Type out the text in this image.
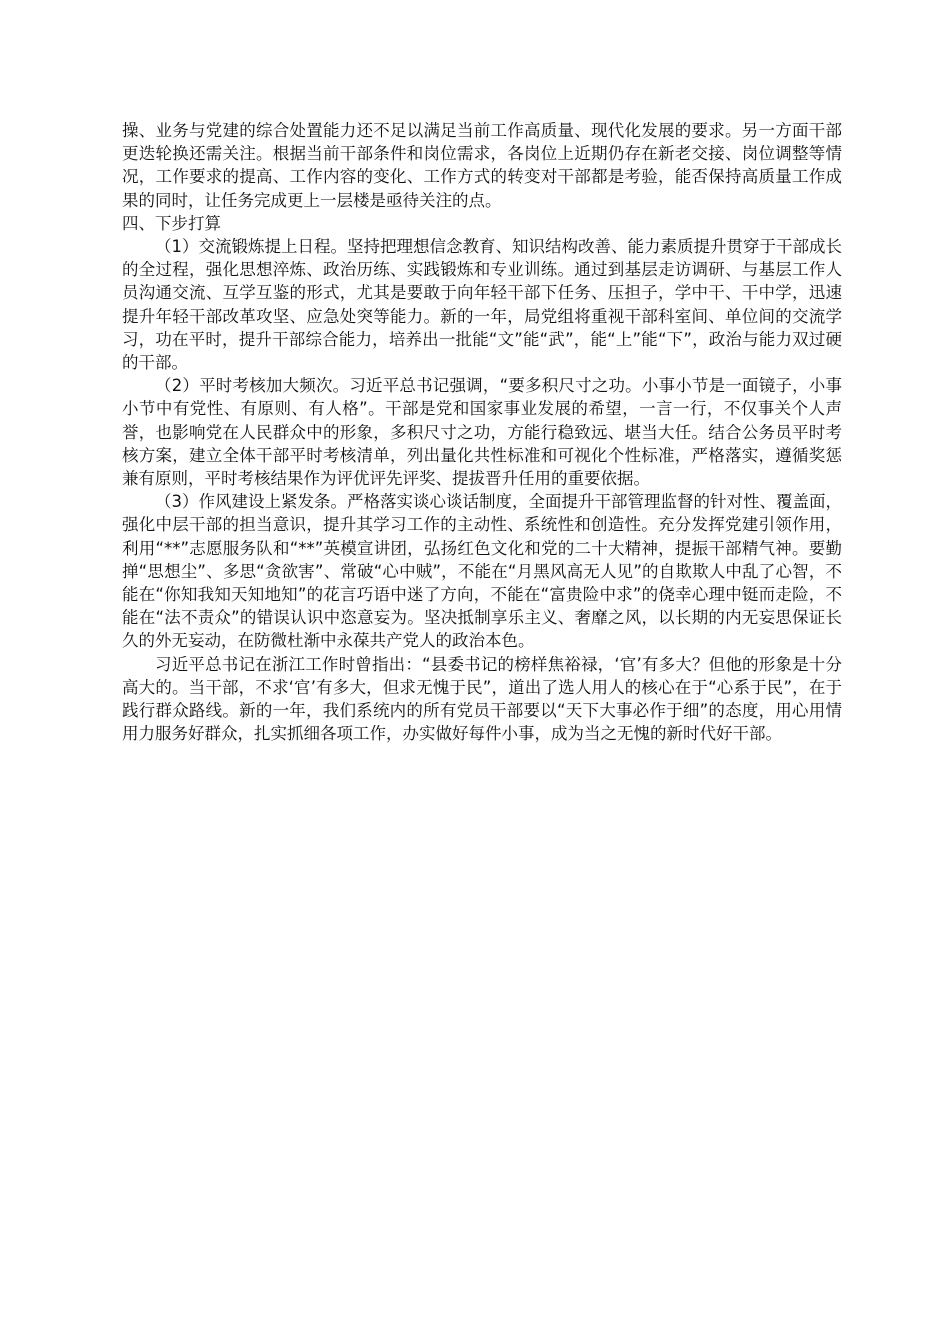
操、业务与党建的综合处置能力还不足以满足当前工作高质量、现代化发展的要求。另一方面干部更迭轮换还需关注。根据当前干部条件和岗位需求，各岗位上近期仍存在新老交接、岗位调整等情况，工作要求的提高、工作内容的变化、工作方式的转变对干部都是考验，能否保持高质量工作成果的同时，让任务完成更上一层楼是亟待关注的点。

四、下步打算

（1）交流锻炼提上日程。坚持把理想信念教育、知识结构改善、能力素质提升贯穿于干部成长的全过程，强化思想淬炼、政治历练、实践锻炼和专业训练。通过到基层走访调研、与基层工作人员沟通交流、互学互鉴的形式，尤其是要敢于向年轻干部下任务、压担子，学中干、干中学，迅速提升年轻干部改革攻坚、应急处突等能力。新的一年，局党组将重视干部科室间、单位间的交流学习，功在平时，提升干部综合能力，培养出一批能“文”能“武”，能“上”能“下”，政治与能力双过硬的干部。

（2）平时考核加大频次。习近平总书记强调，“要多积尺寸之功。小事小节是一面镜子，小事小节中有党性、有原则、有人格”。干部是党和国家事业发展的希望，一言一行，不仅事关个人声誉，也影响党在人民群众中的形象，多积尺寸之功，方能行稳致远、堪当大任。结合公务员平时考核方案，建立全体干部平时考核清单，列出量化共性标准和可视化个性标准，严格落实，遵循奖惩兼有原则，平时考核结果作为评优评先评奖、提拔晋升任用的重要依据。

（3）作风建设上紧发条。严格落实谈心谈话制度，全面提升干部管理监督的针对性、覆盖面，强化中层干部的担当意识，提升其学习工作的主动性、系统性和创造性。充分发挥党建引领作用，利用“**”志愿服务队和“**”英模宣讲团，弘扬红色文化和党的二十大精神，提振干部精气神。要勤掸“思想尘”、多思“贪欲害”、常破“心中贼”，不能在“月黑风高无人见”的自欺欺人中乱了心智，不能在“你知我知天知地知”的花言巧语中迷了方向，不能在“富贵险中求”的侥幸心理中铤而走险，不能在“法不责众”的错误认识中恣意妄为。坚决抵制享乐主义、奢靡之风，以长期的内无妄思保证长久的外无妄动，在防微杜渐中永葆共产党人的政治本色。

习近平总书记在浙江工作时曾指出：“县委书记的榜样焦裕禄，‘官’有多大？但他的形象是十分高大的。当干部，不求‘官’有多大，但求无愧于民”，道出了选人用人的核心在于“心系于民”，在于践行群众路线。新的一年，我们系统内的所有党员干部要以“天下大事必作于细”的态度，用心用情用力服务好群众，扎实抓细各项工作，办实做好每件小事，成为当之无愧的新时代好干部。
